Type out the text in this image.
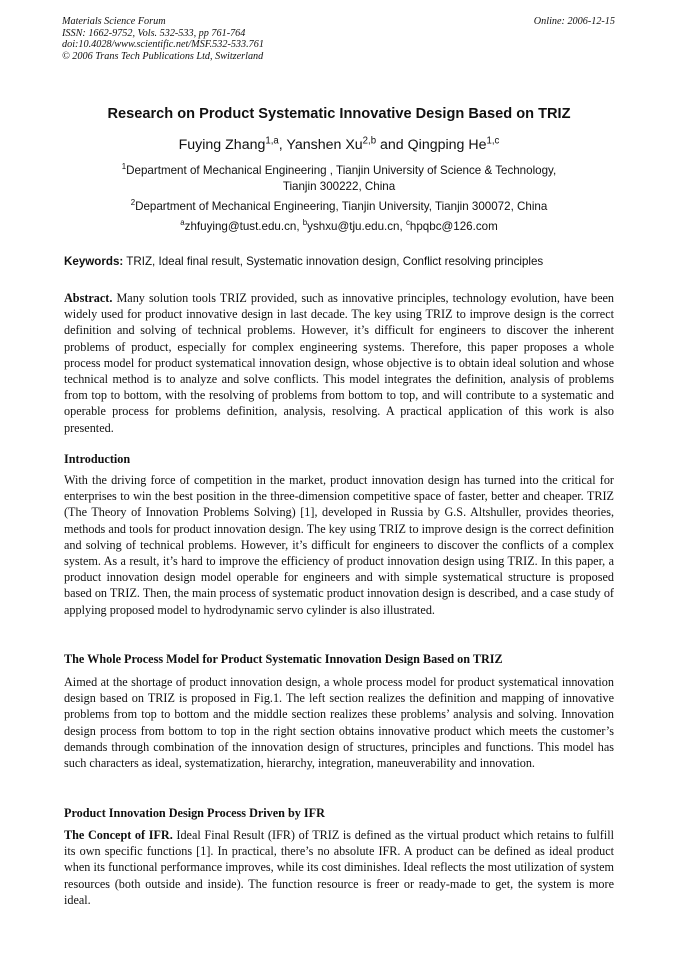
Materials Science Forum
ISSN: 1662-9752, Vols. 532-533, pp 761-764
doi:10.4028/www.scientific.net/MSF.532-533.761
© 2006 Trans Tech Publications Ltd, Switzerland
Online: 2006-12-15
Research on Product Systematic Innovative Design Based on TRIZ
Fuying Zhang$^{1,a}$, Yanshen Xu$^{2,b}$ and Qingping He$^{1,c}$
$^1$Department of Mechanical Engineering , Tianjin University of Science & Technology,
Tianjin 300222, China
$^2$Department of Mechanical Engineering, Tianjin University, Tianjin 300072, China
$^a$zhfuying@tust.edu.cn, $^b$yshxu@tju.edu.cn, $^c$hpqbc@126.com
Keywords: TRIZ, Ideal final result, Systematic innovation design, Conflict resolving principles
Abstract. Many solution tools TRIZ provided, such as innovative principles, technology evolution, have been widely used for product innovative design in last decade. The key using TRIZ to improve design is the correct definition and solving of technical problems. However, it’s difficult for engineers to discover the inherent problems of product, especially for complex engineering systems. Therefore, this paper proposes a whole process model for product systematical innovation design, whose objective is to obtain ideal solution and whose technical method is to analyze and solve conflicts. This model integrates the definition, analysis of problems from top to bottom, with the resolving of problems from bottom to top, and will contribute to a systematic and operable process for problems definition, analysis, resolving. A practical application of this work is also presented.
Introduction
With the driving force of competition in the market, product innovation design has turned into the critical for enterprises to win the best position in the three-dimension competitive space of faster, better and cheaper. TRIZ (The Theory of Innovation Problems Solving) [1], developed in Russia by G.S. Altshuller, provides theories, methods and tools for product innovation design. The key using TRIZ to improve design is the correct definition and solving of technical problems. However, it’s difficult for engineers to discover the conflicts of a complex system. As a result, it’s hard to improve the efficiency of product innovation design using TRIZ. In this paper, a product innovation design model operable for engineers and with simple systematical structure is proposed based on TRIZ. Then, the main process of systematic product innovation design is described, and a case study of applying proposed model to hydrodynamic servo cylinder is also illustrated.
The Whole Process Model for Product Systematic Innovation Design Based on TRIZ
Aimed at the shortage of product innovation design, a whole process model for product systematical innovation design based on TRIZ is proposed in Fig.1. The left section realizes the definition and mapping of innovative problems from top to bottom and the middle section realizes these problems’ analysis and solving. Innovation design process from bottom to top in the right section obtains innovative product which meets the customer’s demands through combination of the innovation design of structures, principles and functions. This model has such characters as ideal, systematization, hierarchy, integration, maneuverability and innovation.
Product Innovation Design Process Driven by IFR
The Concept of IFR. Ideal Final Result (IFR) of TRIZ is defined as the virtual product which retains to fulfill its own specific functions [1]. In practical, there’s no absolute IFR. A product can be defined as ideal product when its functional performance improves, while its cost diminishes. Ideal reflects the most utilization of system resources (both outside and inside). The function resource is freer or ready-made to get, the system is more ideal.
